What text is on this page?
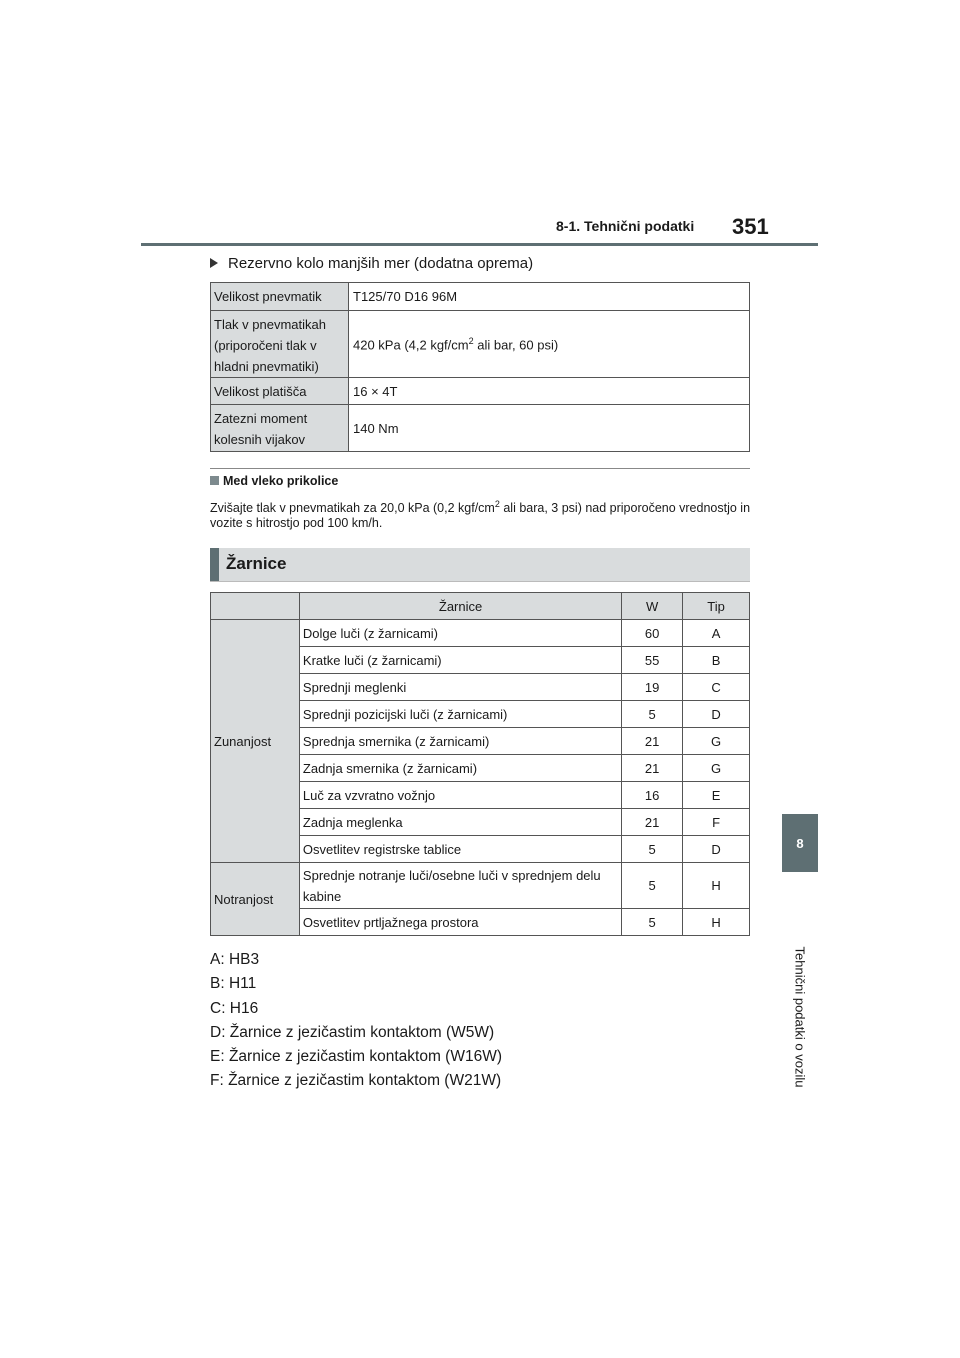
8-1. Tehnični podatki 351
8
Tehnični podatki o vozilu
Rezervno kolo manjših mer (dodatna oprema)
Velikost pnevmatik	T125/70 D16 96M
Tlak v pnevmatikah (priporočeni tlak v hladni pnevmatiki)	420 kPa (4,2 kgf/$cm^2$ ali bar, 60 psi)
Velikost platišča	16 × 4T
Zatezni moment kolesnih vijakov	140 Nm
Med vleko prikolice
Zvišajte tlak v pnevmatikah za 20,0 kPa (0,2 kgf/$cm^2$ ali bara, 3 psi) nad priporočeno vrednostjo in vozite s hitrostjo pod 100 km/h.
Žarnice
	Žarnice	W	Tip
Zunanjost	Dolge luči (z žarnicami)	60	A
	Kratke luči (z žarnicami)	55	B
	Sprednji meglenki	19	C
	Sprednji pozicijski luči (z žarnicami)	5	D
	Sprednja smernika (z žarnicami)	21	G
	Zadnja smernika (z žarnicami)	21	G
	Luč za vzvratno vožnjo	16	E
	Zadnja meglenka	21	F
	Osvetlitev registrske tablice	5	D
Notranjost	Sprednje notranje luči/osebne luči v sprednjem delu kabine	5	H
	Osvetlitev prtljažnega prostora	5	H
A: HB3
B: H11
C: H16
D: Žarnice z jezičastim kontaktom (W5W)
E: Žarnice z jezičastim kontaktom (W16W)
F: Žarnice z jezičastim kontaktom (W21W)
